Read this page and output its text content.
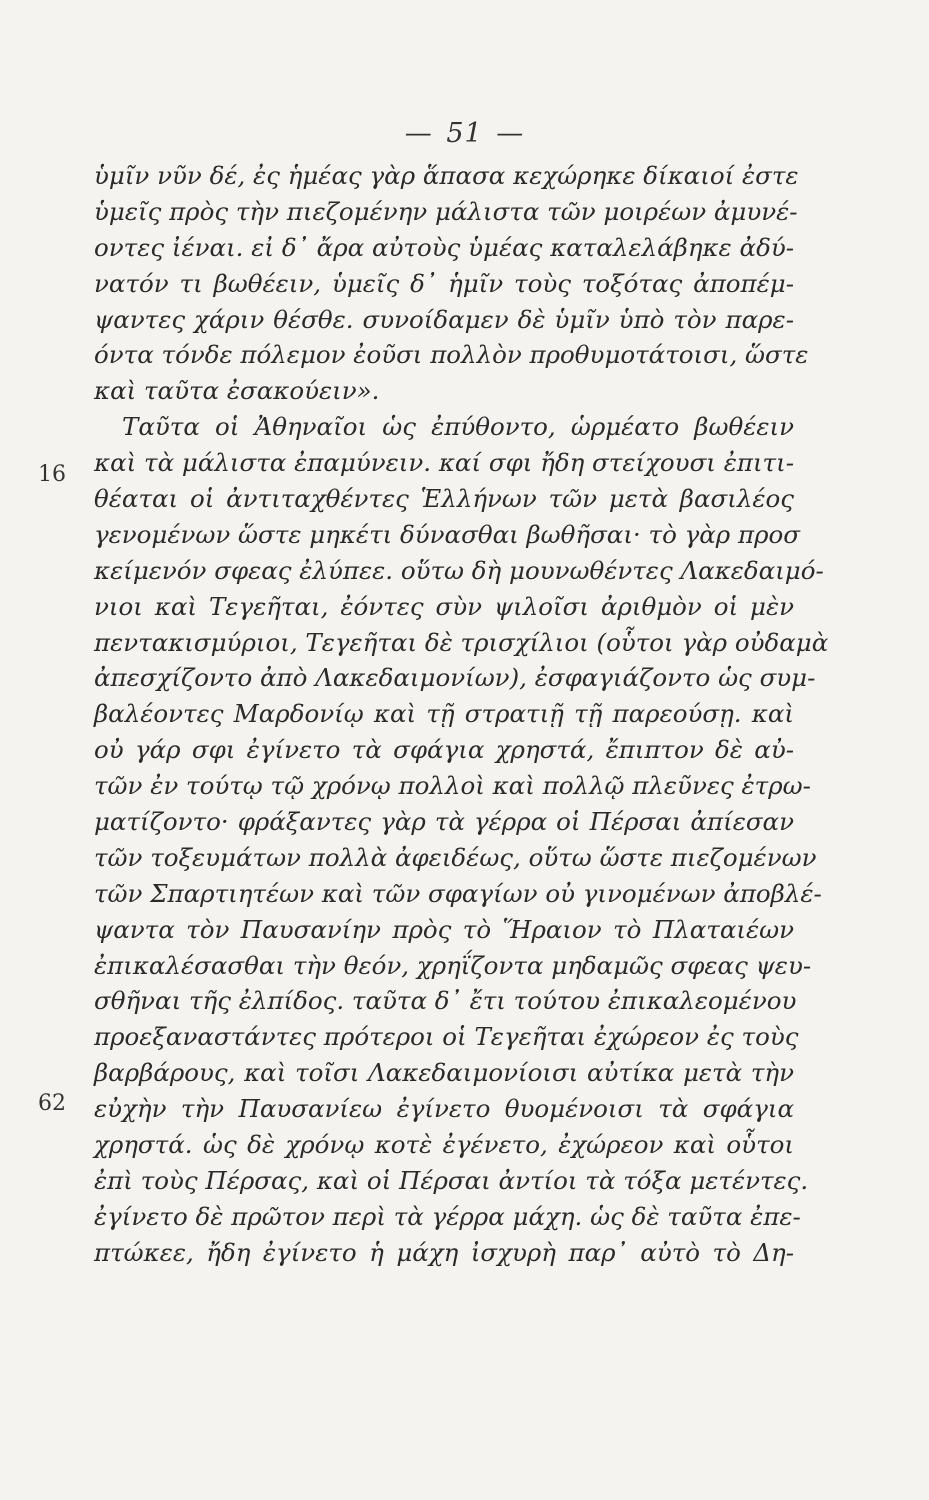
— 51 —
16
62
ὑμῖν νῦν δέ, ἐς ἡμέας γὰρ ἅπασα κεχώρηκε δίκαιοί ἐστε
ὑμεῖς πρὸς τὴν πιεζομένην μάλιστα τῶν μοιρέων ἀμυνέ-
οντες ἰέναι. εἰ δ᾽ ἄρα αὐτοὺς ὑμέας καταλελάβηκε ἀδύ-
νατόν τι βωθέειν, ὑμεῖς δ᾽ ἡμῖν τοὺς τοξότας ἀποπέμ-
ψαντες χάριν θέσθε. συνοίδαμεν δὲ ὑμῖν ὑπὸ τὸν παρε-
όντα τόνδε πόλεμον ἐοῦσι πολλὸν προθυμοτάτοισι, ὥστε
καὶ ταῦτα ἐσακούειν».
Ταῦτα οἱ Ἀθηναῖοι ὡς ἐπύθοντο, ὡρμέατο βωθέειν
καὶ τὰ μάλιστα ἐπαμύνειν. καί σφι ἤδη στείχουσι ἐπιτι-
θέαται οἱ ἀντιταχθέντες Ἑλλήνων τῶν μετὰ βασιλέος
γενομένων ὥστε μηκέτι δύνασθαι βωθῆσαι· τὸ γὰρ προσ
κείμενόν σφεας ἐλύπεε. οὕτω δὴ μουνωθέντες Λακεδαιμό-
νιοι καὶ Τεγεῆται, ἐόντες σὺν ψιλοῖσι ἀριθμὸν οἱ μὲν
πεντακισμύριοι, Τεγεῆται δὲ τρισχίλιοι (οὗτοι γὰρ οὐδαμὰ
ἀπεσχίζοντο ἀπὸ Λακεδαιμονίων), ἐσφαγιάζοντο ὡς συμ-
βαλέοντες Μαρδονίῳ καὶ τῇ στρατιῇ τῇ παρεούσῃ. καὶ
οὐ γάρ σφι ἐγίνετο τὰ σφάγια χρηστά, ἔπιπτον δὲ αὐ-
τῶν ἐν τούτῳ τῷ χρόνῳ πολλοὶ καὶ πολλῷ πλεῦνες ἐτρω-
ματίζοντο· φράξαντες γὰρ τὰ γέρρα οἱ Πέρσαι ἀπίεσαν
τῶν τοξευμάτων πολλὰ ἀφειδέως, οὕτω ὥστε πιεζομένων
τῶν Σπαρτιητέων καὶ τῶν σφαγίων οὐ γινομένων ἀποβλέ-
ψαντα τὸν Παυσανίην πρὸς τὸ Ἥραιον τὸ Πλαταιέων
ἐπικαλέσασθαι τὴν θεόν, χρηΐζοντα μηδαμῶς σφεας ψευ-
σθῆναι τῆς ἐλπίδος. ταῦτα δ᾽ ἔτι τούτου ἐπικαλεομένου
προεξαναστάντες πρότεροι οἱ Τεγεῆται ἐχώρεον ἐς τοὺς
βαρβάρους, καὶ τοῖσι Λακεδαιμονίοισι αὐτίκα μετὰ τὴν
εὐχὴν τὴν Παυσανίεω ἐγίνετο θυομένοισι τὰ σφάγια
χρηστά. ὡς δὲ χρόνῳ κοτὲ ἐγένετο, ἐχώρεον καὶ οὗτοι
ἐπὶ τοὺς Πέρσας, καὶ οἱ Πέρσαι ἀντίοι τὰ τόξα μετέντες.
ἐγίνετο δὲ πρῶτον περὶ τὰ γέρρα μάχη. ὡς δὲ ταῦτα ἐπε-
πτώκεε, ἤδη ἐγίνετο ἡ μάχη ἰσχυρὴ παρ᾽ αὐτὸ τὸ Δη-
